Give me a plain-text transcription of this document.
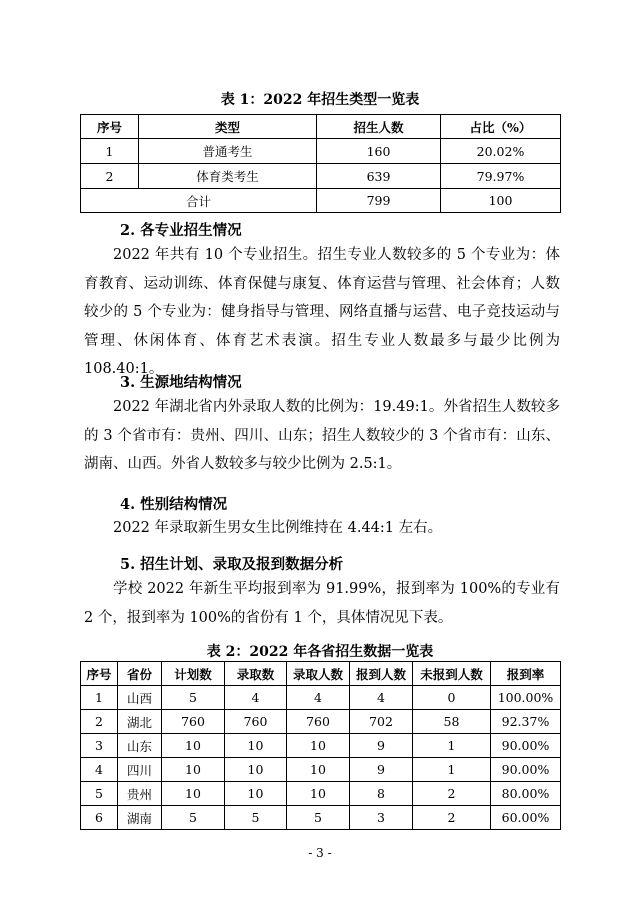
表 1：2022 年招生类型一览表
序号	类型	招生人数	占比（%）
1	普通考生	160	20.02%
2	体育类考生	639	79.97%
合计		799	100
2. 各专业招生情况

2022 年共有 10 个专业招生。招生专业人数较多的 5 个专业为：体育教育、运动训练、体育保健与康复、体育运营与管理、社会体育；人数较少的 5 个专业为：健身指导与管理、网络直播与运营、电子竞技运动与管理、休闲体育、体育艺术表演。招生专业人数最多与最少比例为 108.40:1。

3. 生源地结构情况

2022 年湖北省内外录取人数的比例为：19.49:1。外省招生人数较多的 3 个省市有：贵州、四川、山东；招生人数较少的 3 个省市有：山东、湖南、山西。外省人数较多与较少比例为 2.5:1。

4. 性别结构情况

2022 年录取新生男女生比例维持在 4.44:1 左右。

5. 招生计划、录取及报到数据分析

学校 2022 年新生平均报到率为 91.99%，报到率为 100%的专业有 2 个，报到率为 100%的省份有 1 个，具体情况见下表。

表 2：2022 年各省招生数据一览表
序号	省份	计划数	录取数	录取人数	报到人数	未报到人数	报到率
1	山西	5	4	4	4	0	100.00%
2	湖北	760	760	760	702	58	92.37%
3	山东	10	10	10	9	1	90.00%
4	四川	10	10	10	9	1	90.00%
5	贵州	10	10	10	8	2	80.00%
6	湖南	5	5	5	3	2	60.00%
- 3 -
